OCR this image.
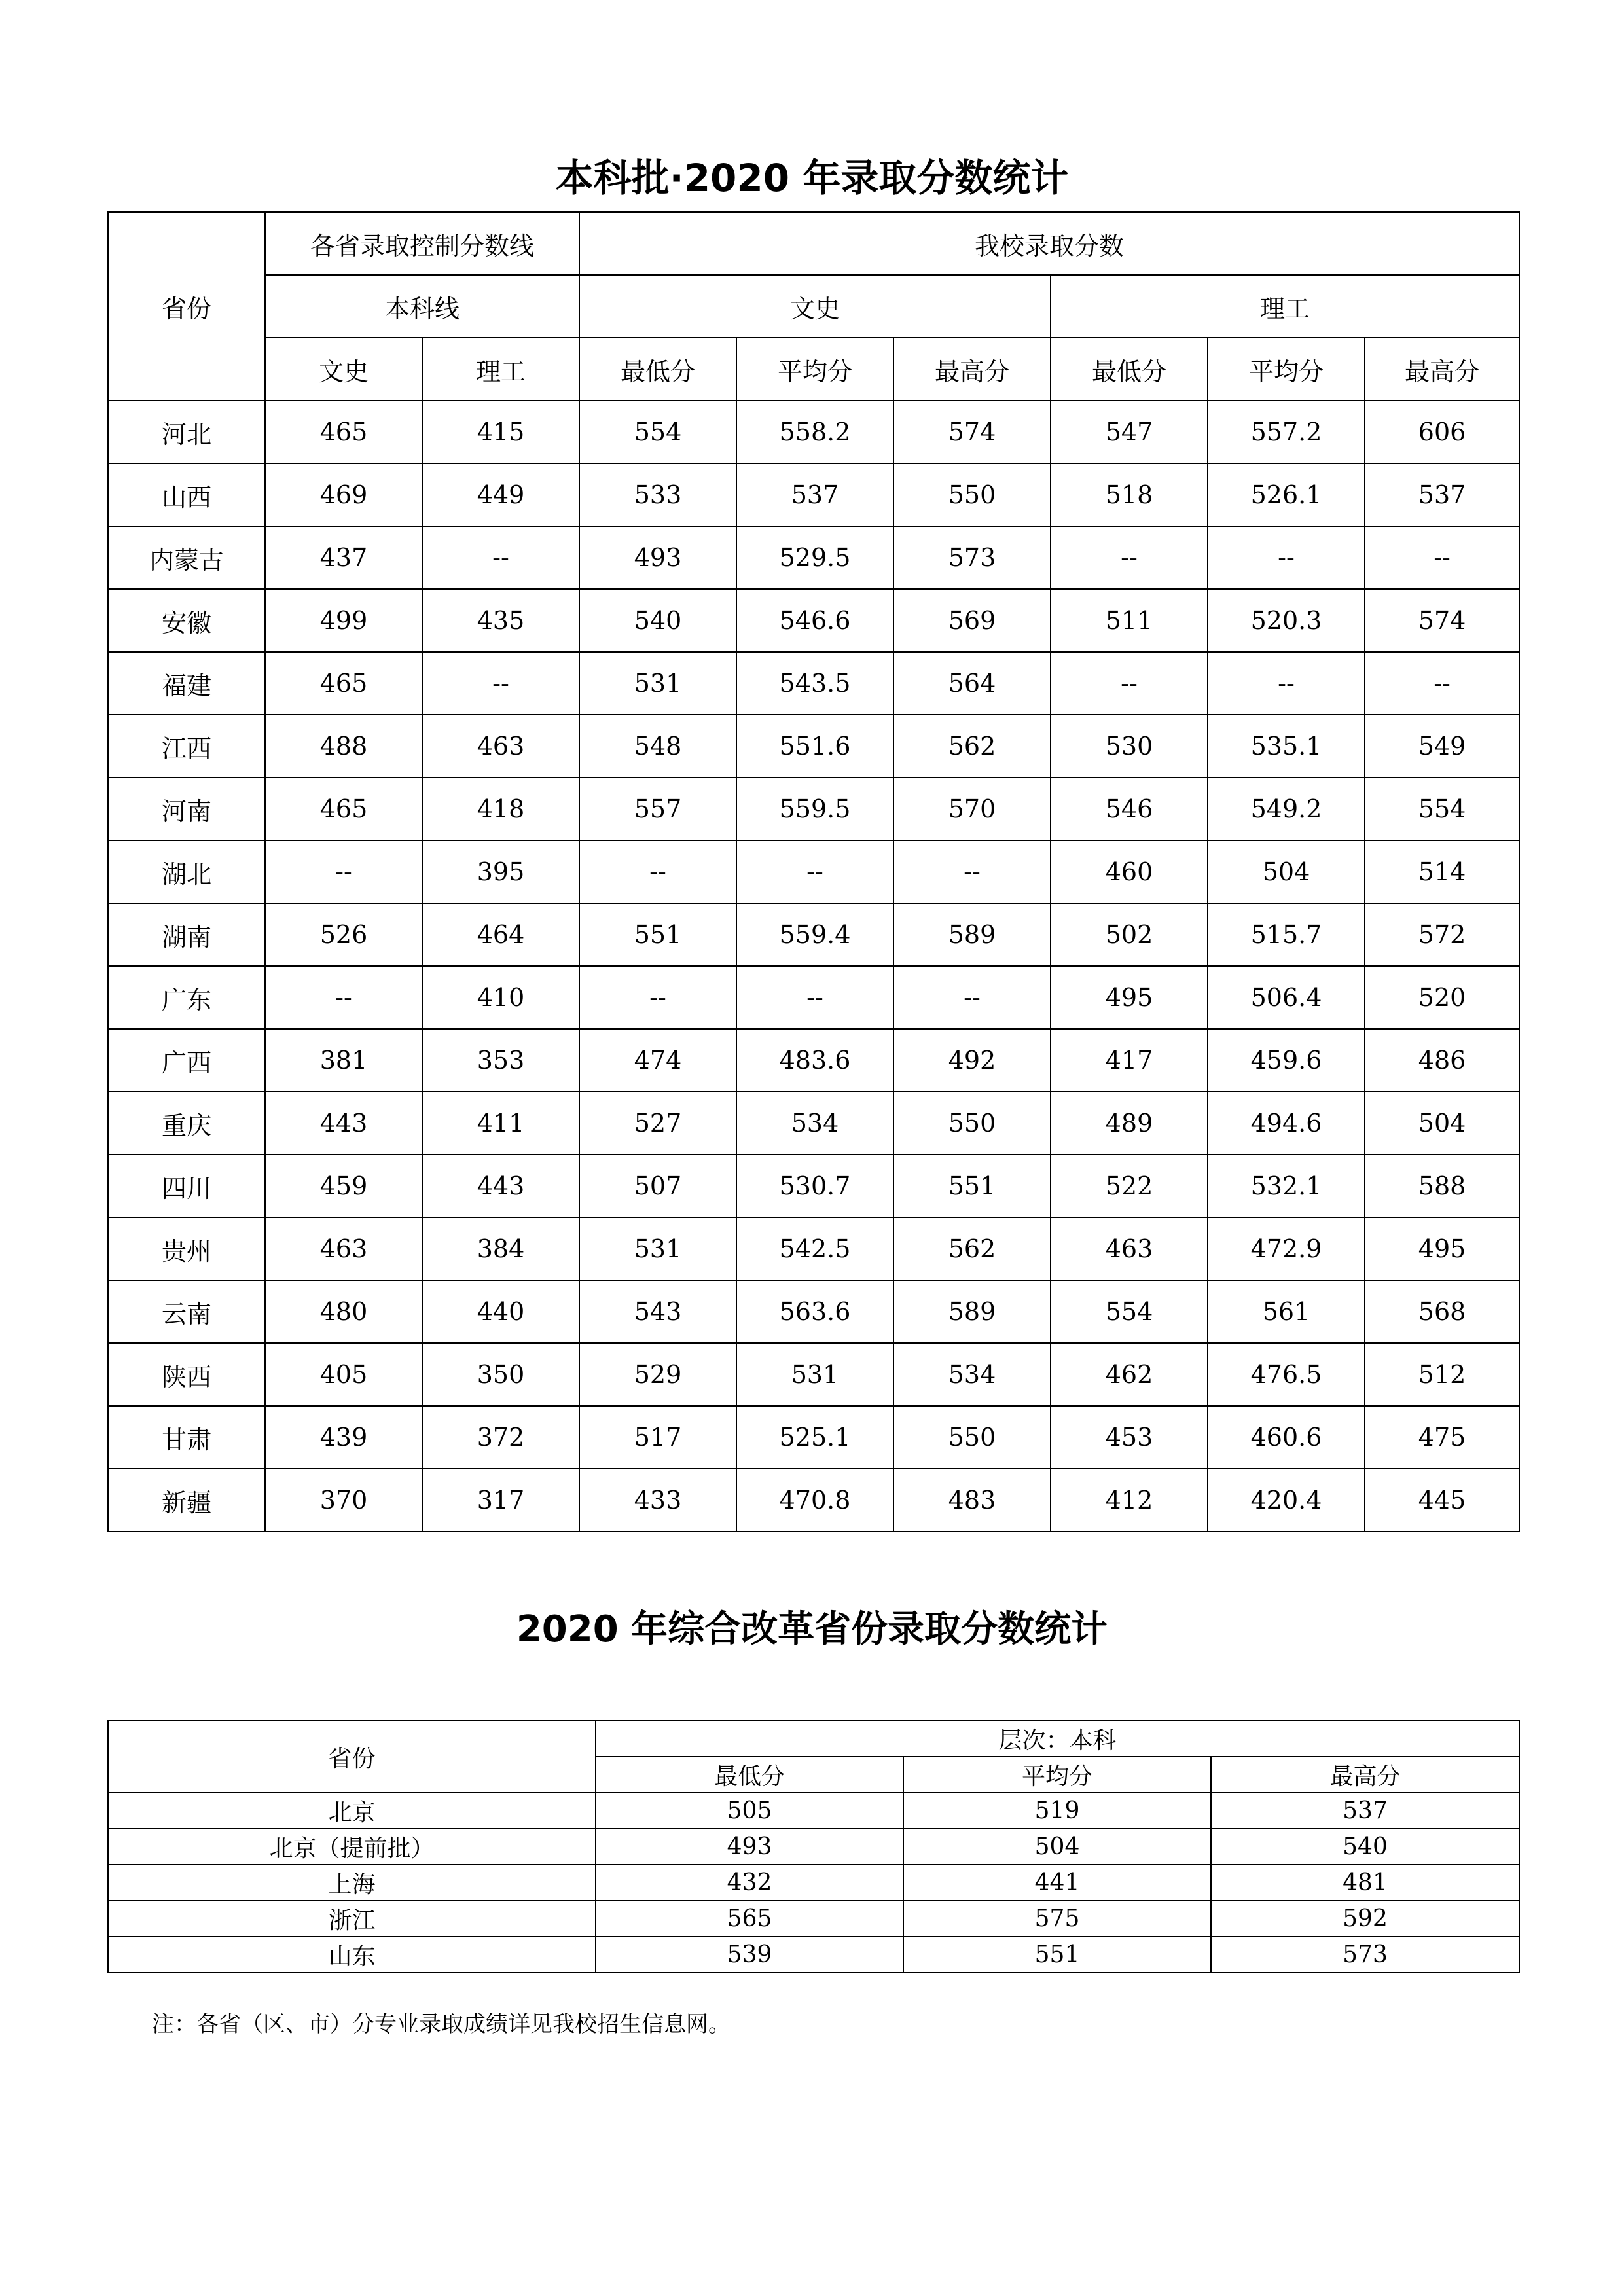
本科批·2020 年录取分数统计
省份	各省录取控制分数线		我校录取分数					
	本科线		文史			理工		
	文史	理工	最低分	平均分	最高分	最低分	平均分	最高分
河北	465	415	554	558.2	574	547	557.2	606
山西	469	449	533	537	550	518	526.1	537
内蒙古	437	--	493	529.5	573	--	--	--
安徽	499	435	540	546.6	569	511	520.3	574
福建	465	--	531	543.5	564	--	--	--
江西	488	463	548	551.6	562	530	535.1	549
河南	465	418	557	559.5	570	546	549.2	554
湖北	--	395	--	--	--	460	504	514
湖南	526	464	551	559.4	589	502	515.7	572
广东	--	410	--	--	--	495	506.4	520
广西	381	353	474	483.6	492	417	459.6	486
重庆	443	411	527	534	550	489	494.6	504
四川	459	443	507	530.7	551	522	532.1	588
贵州	463	384	531	542.5	562	463	472.9	495
云南	480	440	543	563.6	589	554	561	568
陕西	405	350	529	531	534	462	476.5	512
甘肃	439	372	517	525.1	550	453	460.6	475
新疆	370	317	433	470.8	483	412	420.4	445
2020 年综合改革省份录取分数统计
省份	层次：本科		
	最低分	平均分	最高分
北京	505	519	537
北京（提前批）	493	504	540
上海	432	441	481
浙江	565	575	592
山东	539	551	573
注：各省（区、市）分专业录取成绩详见我校招生信息网。
